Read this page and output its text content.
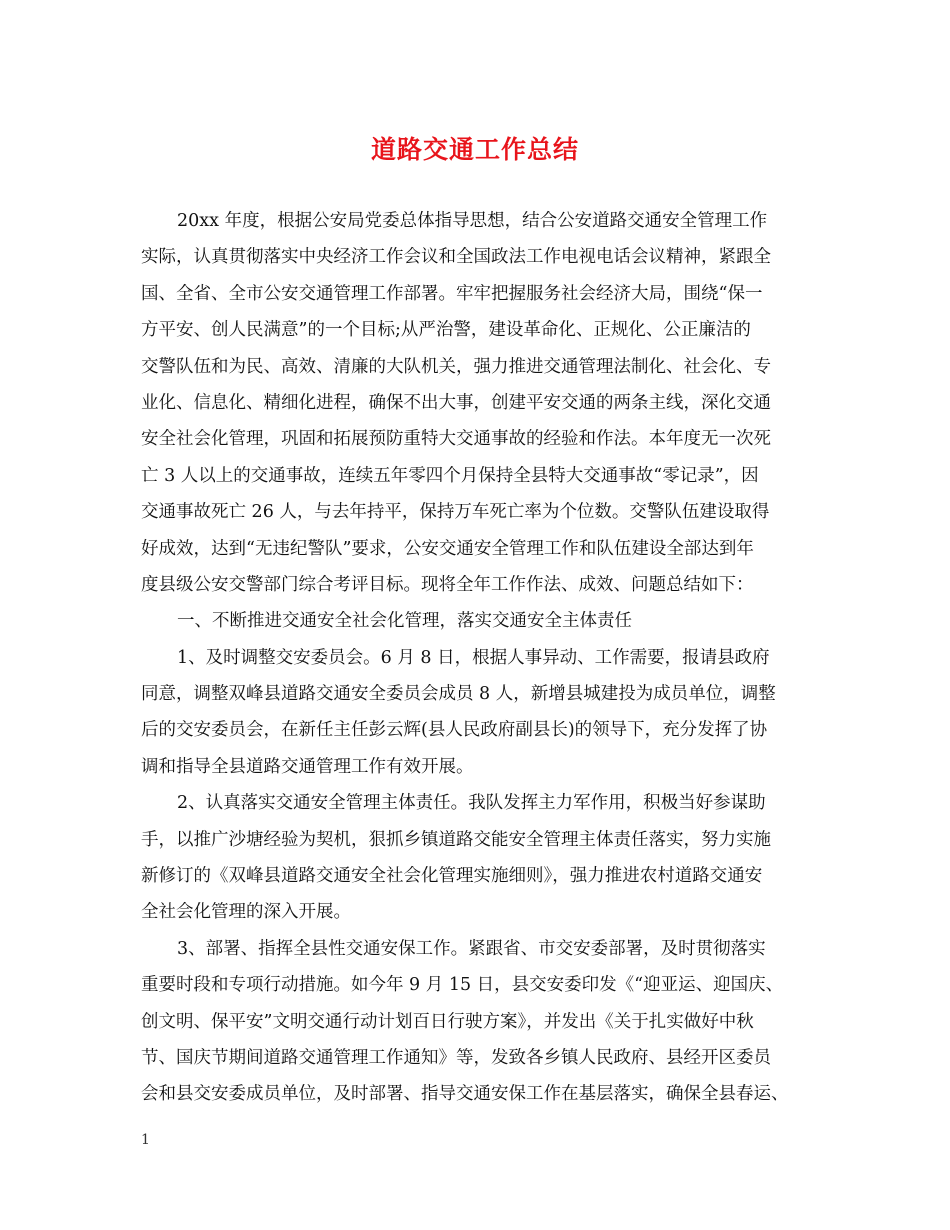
道路交通工作总结
20xx 年度，根据公安局党委总体指导思想，结合公安道路交通安全管理工作
实际，认真贯彻落实中央经济工作会议和全国政法工作电视电话会议精神，紧跟全
国、全省、全市公安交通管理工作部署。牢牢把握服务社会经济大局，围绕“保一
方平安、创人民满意”的一个目标;从严治警，建设革命化、正规化、公正廉洁的
交警队伍和为民、高效、清廉的大队机关，强力推进交通管理法制化、社会化、专
业化、信息化、精细化进程，确保不出大事，创建平安交通的两条主线，深化交通
安全社会化管理，巩固和拓展预防重特大交通事故的经验和作法。本年度无一次死
亡 3 人以上的交通事故，连续五年零四个月保持全县特大交通事故“零记录”，因
交通事故死亡 26 人，与去年持平，保持万车死亡率为个位数。交警队伍建设取得
好成效，达到“无违纪警队”要求，公安交通安全管理工作和队伍建设全部达到年
度县级公安交警部门综合考评目标。现将全年工作作法、成效、问题总结如下：
一、不断推进交通安全社会化管理，落实交通安全主体责任
1、及时调整交安委员会。6 月 8 日，根据人事异动、工作需要，报请县政府
同意，调整双峰县道路交通安全委员会成员 8 人，新增县城建投为成员单位，调整
后的交安委员会，在新任主任彭云辉(县人民政府副县长)的领导下，充分发挥了协
调和指导全县道路交通管理工作有效开展。
2、认真落实交通安全管理主体责任。我队发挥主力军作用，积极当好参谋助
手，以推广沙塘经验为契机，狠抓乡镇道路交能安全管理主体责任落实，努力实施
新修订的《双峰县道路交通安全社会化管理实施细则》，强力推进农村道路交通安
全社会化管理的深入开展。
3、部署、指挥全县性交通安保工作。紧跟省、市交安委部署，及时贯彻落实
重要时段和专项行动措施。如今年 9 月 15 日，县交安委印发《“迎亚运、迎国庆、
创文明、保平安”文明交通行动计划百日行驶方案》，并发出《关于扎实做好中秋
节、国庆节期间道路交通管理工作通知》等，发致各乡镇人民政府、县经开区委员
会和县交安委成员单位，及时部署、指导交通安保工作在基层落实，确保全县春运、
1
